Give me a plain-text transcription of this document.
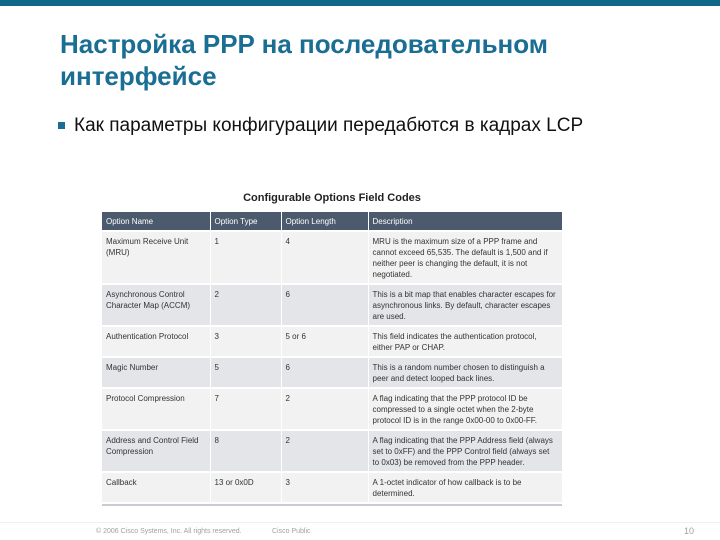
Настройка PPP на последовательном
интерфейсе
Как параметры конфигурации передабются в кадрах LCP
Configurable Options Field Codes
Option Name	Option Type	Option Length	Description
Maximum Receive Unit (MRU)	1	4	MRU is the maximum size of a PPP frame and cannot exceed 65,535. The default is 1,500 and if neither peer is changing the default, it is not negotiated.
Asynchronous Control Character Map (ACCM)	2	6	This is a bit map that enables character escapes for asynchronous links. By default, character escapes are used.
Authentication Protocol	3	5 or 6	This field indicates the authentication protocol, either PAP or CHAP.
Magic Number	5	6	This is a random number chosen to distinguish a peer and detect looped back lines.
Protocol Compression	7	2	A flag indicating that the PPP protocol ID be compressed to a single octet when the 2-byte protocol ID is in the range 0x00-00 to 0x00-FF.
Address and Control Field Compression	8	2	A flag indicating that the PPP Address field (always set to 0xFF) and the PPP Control field (always set to 0x03) be removed from the PPP header.
Callback	13 or 0x0D	3	A 1-octet indicator of how callback is to be determined.
© 2006 Cisco Systems, Inc. All rights reserved.	Cisco Public	10
